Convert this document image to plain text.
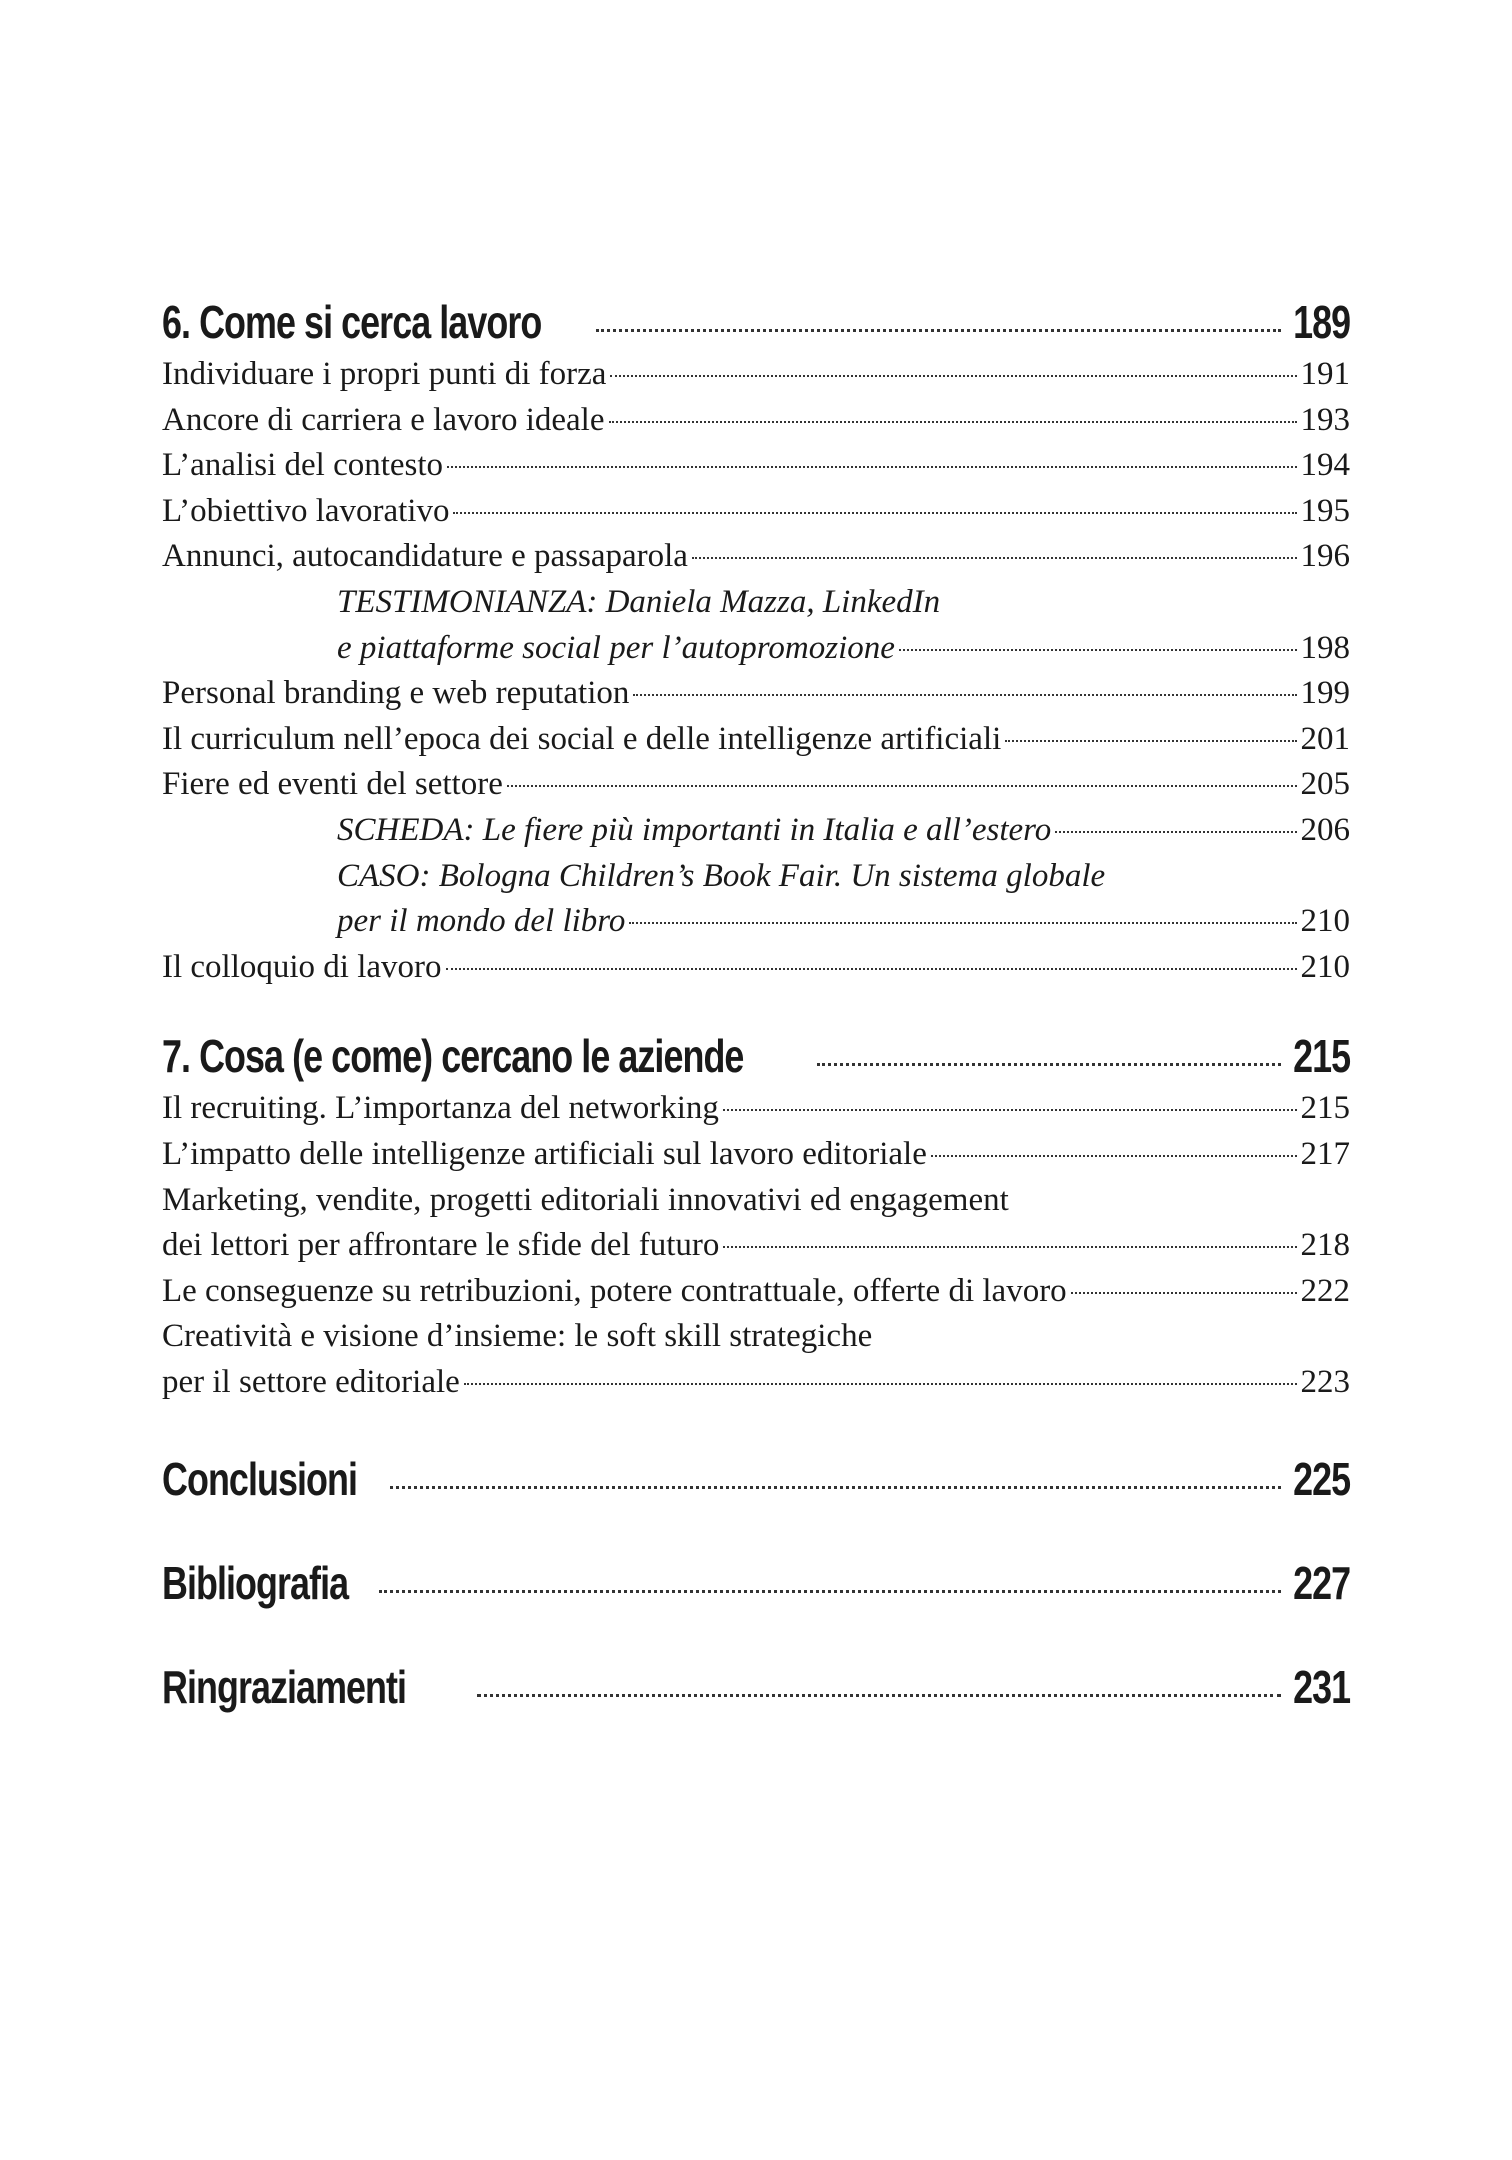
6. Come si cerca lavoro	189
Individuare i propri punti di forza	191
Ancore di carriera e lavoro ideale	193
L’analisi del contesto	194
L’obiettivo lavorativo	195
Annunci, autocandidature e passaparola	196
TESTIMONIANZA: Daniela Mazza, LinkedIn
e piattaforme social per l’autopromozione	198
Personal branding e web reputation	199
Il curriculum nell’epoca dei social e delle intelligenze artificiali	201
Fiere ed eventi del settore	205
SCHEDA: Le fiere più importanti in Italia e all’estero	206
CASO: Bologna Children’s Book Fair. Un sistema globale
per il mondo del libro	210
Il colloquio di lavoro	210
7. Cosa (e come) cercano le aziende	215
Il recruiting. L’importanza del networking	215
L’impatto delle intelligenze artificiali sul lavoro editoriale	217
Marketing, vendite, progetti editoriali innovativi ed engagement
dei lettori per affrontare le sfide del futuro	218
Le conseguenze su retribuzioni, potere contrattuale, offerte di lavoro	222
Creatività e visione d’insieme: le soft skill strategiche
per il settore editoriale	223
Conclusioni	225
Bibliografia	227
Ringraziamenti	231
